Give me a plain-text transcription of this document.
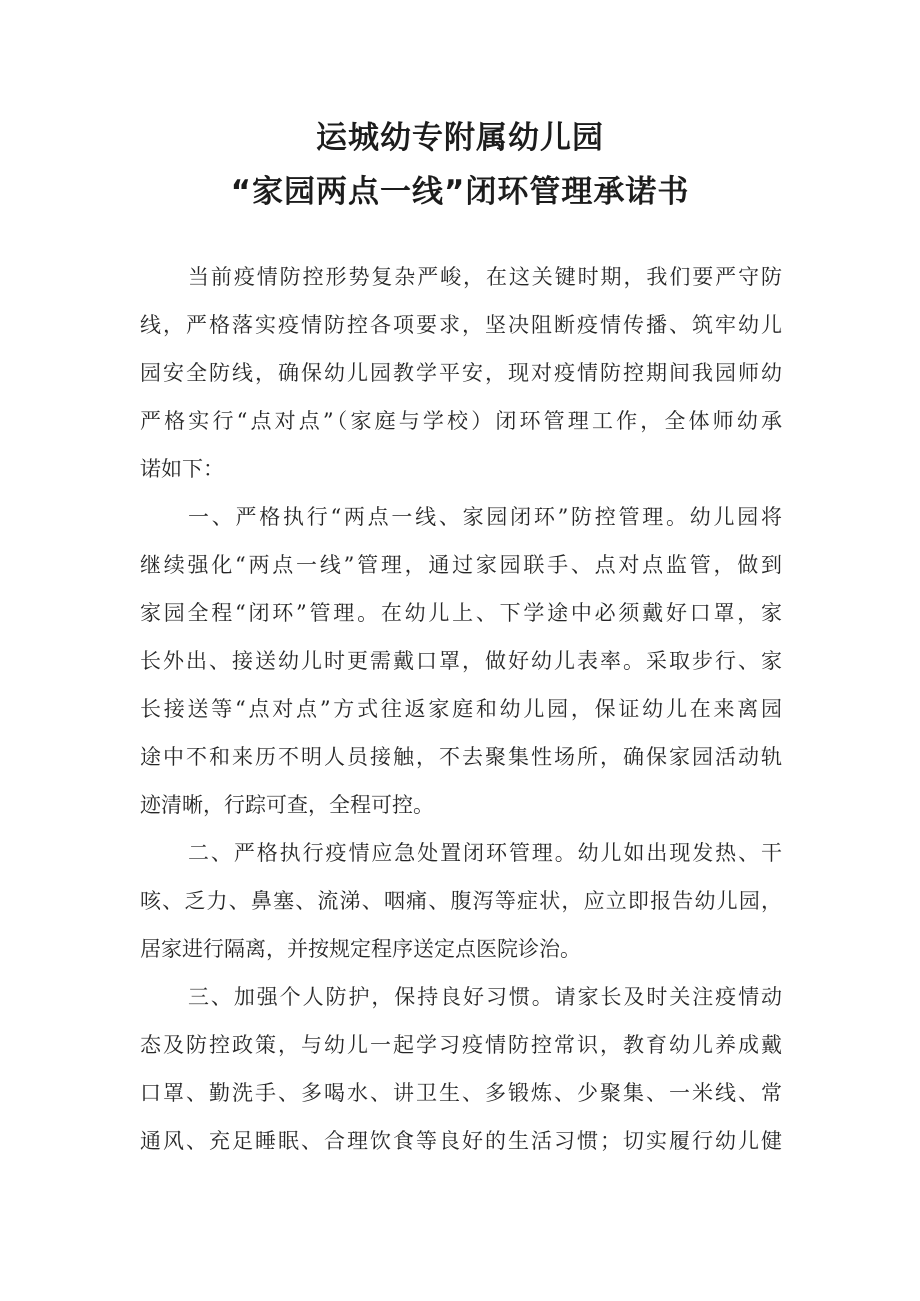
运城幼专附属幼儿园
“家园两点一线”闭环管理承诺书

当前疫情防控形势复杂严峻，在这关键时期，我们要严守防

线，严格落实疫情防控各项要求，坚决阻断疫情传播、筑牢幼儿

园安全防线，确保幼儿园教学平安，现对疫情防控期间我园师幼

严格实行“点对点”（家庭与学校）闭环管理工作，全体师幼承

诺如下：

一、严格执行“两点一线、家园闭环”防控管理。幼儿园将

继续强化“两点一线”管理，通过家园联手、点对点监管，做到

家园全程“闭环”管理。在幼儿上、下学途中必须戴好口罩，家

长外出、接送幼儿时更需戴口罩，做好幼儿表率。采取步行、家

长接送等“点对点”方式往返家庭和幼儿园，保证幼儿在来离园

途中不和来历不明人员接触，不去聚集性场所，确保家园活动轨

迹清晰，行踪可查，全程可控。

二、严格执行疫情应急处置闭环管理。幼儿如出现发热、干

咳、乏力、鼻塞、流涕、咽痛、腹泻等症状，应立即报告幼儿园，

居家进行隔离，并按规定程序送定点医院诊治。

三、加强个人防护，保持良好习惯。请家长及时关注疫情动

态及防控政策，与幼儿一起学习疫情防控常识，教育幼儿养成戴

口罩、勤洗手、多喝水、讲卫生、多锻炼、少聚集、一米线、常

通风、充足睡眠、合理饮食等良好的生活习惯；切实履行幼儿健
